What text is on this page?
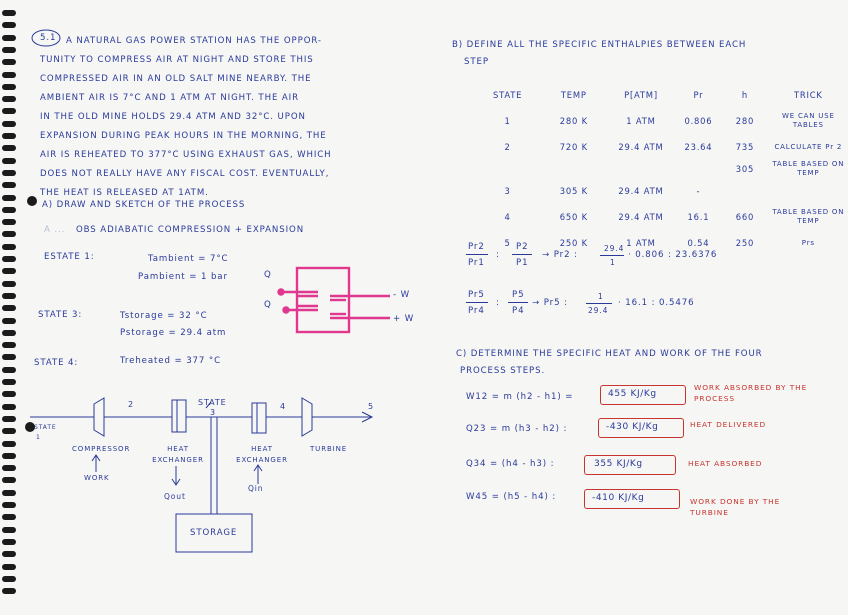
5.1 A NATURAL GAS POWER STATION HAS THE OPPOR-
TUNITY TO COMPRESS AIR AT NIGHT AND STORE THIS
COMPRESSED AIR IN AN OLD SALT MINE NEARBY. THE
AMBIENT AIR IS 7°C AND 1 ATM AT NIGHT. THE AIR
IN THE OLD MINE HOLDS 29.4 ATM AND 32°C. UPON
EXPANSION DURING PEAK HOURS IN THE MORNING, THE
AIR IS REHEATED TO 377°C USING EXHAUST GAS, WHICH
DOES NOT REALLY HAVE ANY FISCAL COST. EVENTUALLY,
THE HEAT IS RELEASED AT 1ATM.
A) DRAW AND SKETCH OF THE PROCESS
A ... OBS ADIABATIC COMPRESSION + EXPANSION
ESTATE 1:	Tambient = 7°C
Pambient = 1 bar
STATE 3:	Tstorage = 32 °C
Pstorage = 29.4 atm
STATE 4:	Treheated = 377 °C
Q
Q
- W
+ W
STATE
3
2	4	5
STATE
1
COMPRESSOR	HEAT EXCHANGER
HEAT EXCHANGER
TURBINE
WORK
Qout
Qin
STORAGE
B) DEFINE ALL THE SPECIFIC ENTHALPIES BETWEEN EACH
STEP
STATE	TEMP	P[ATM]	Pr	h	TRICK
1	280 K	1 ATM	0.806	280	WE CAN USE TABLES
2	720 K	29.4 ATM	23.64	735	CALCULATE Pr 2
				305	TABLE BASED ON TEMP
3	305 K	29.4 ATM	-		
4	650 K	29.4 ATM	16.1	660	TABLE BASED ON TEMP
5	250 K	1 ATM	0.54	250	Prs
Pr2
Pr1
:
P2
P1
→ Pr2 :
29.4
1
· 0.806 : 23.6376
Pr5
Pr4
:
P5
P4
→ Pr5 :
1
29.4
· 16.1 : 0.5476
C) DETERMINE THE SPECIFIC HEAT AND WORK OF THE FOUR
PROCESS STEPS.
W12 = m (h2 - h1) =	455 KJ/Kg
WORK ABSORBED BY THE PROCESS
Q23 = m (h3 - h2) :	-430 KJ/Kg	HEAT DELIVERED
Q34 = (h4 - h3) :	355 KJ/Kg	HEAT ABSORBED
W45 = (h5 - h4) :	-410 KJ/Kg	WORK DONE BY THE TURBINE
